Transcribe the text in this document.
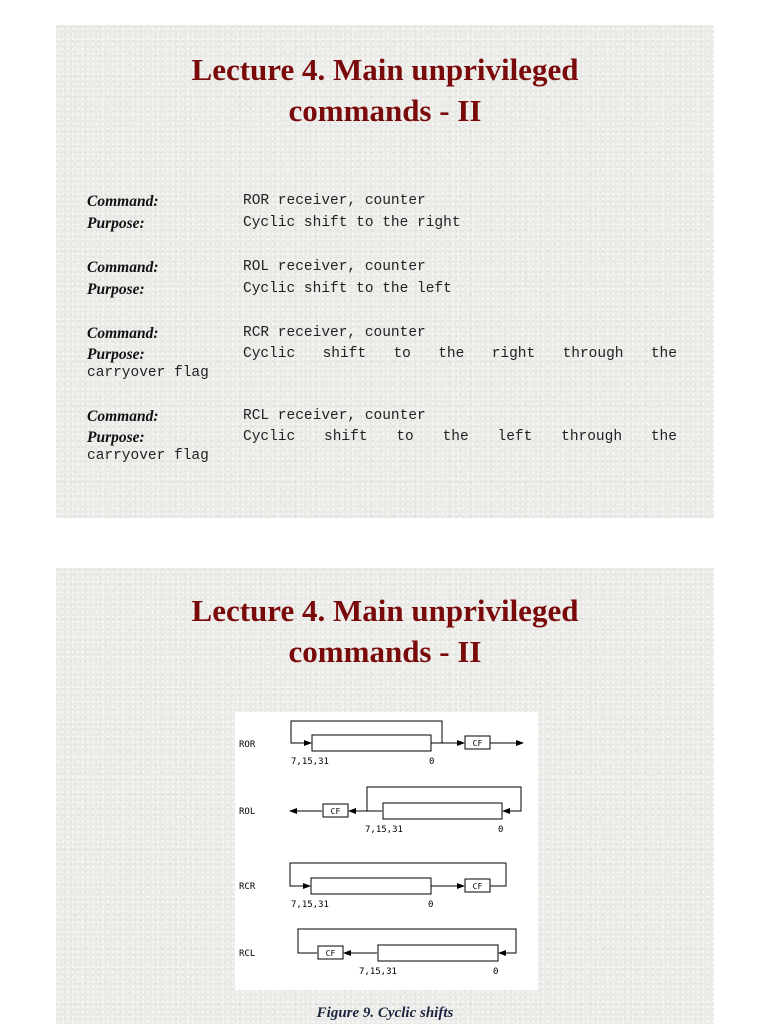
Lecture 4. Main unprivileged
commands - II
Command:	ROR receiver, counter
Purpose:	Cyclic shift to the right
Command:	ROL receiver, counter
Purpose:	Cyclic shift to the left
Command:	RCR receiver, counter
Purpose:	Cyclic shift to the right through the
carryover flag
Command:	RCL receiver, counter
Purpose:	Cyclic shift to the left through the
carryover flag
Lecture 4. Main unprivileged
commands - II
ROR	CF
7,15,31	0
ROL	CF
7,15,31	0
RCR	CF
7,15,31	0
RCL	CF
7,15,31	0
Figure 9. Cyclic shifts
